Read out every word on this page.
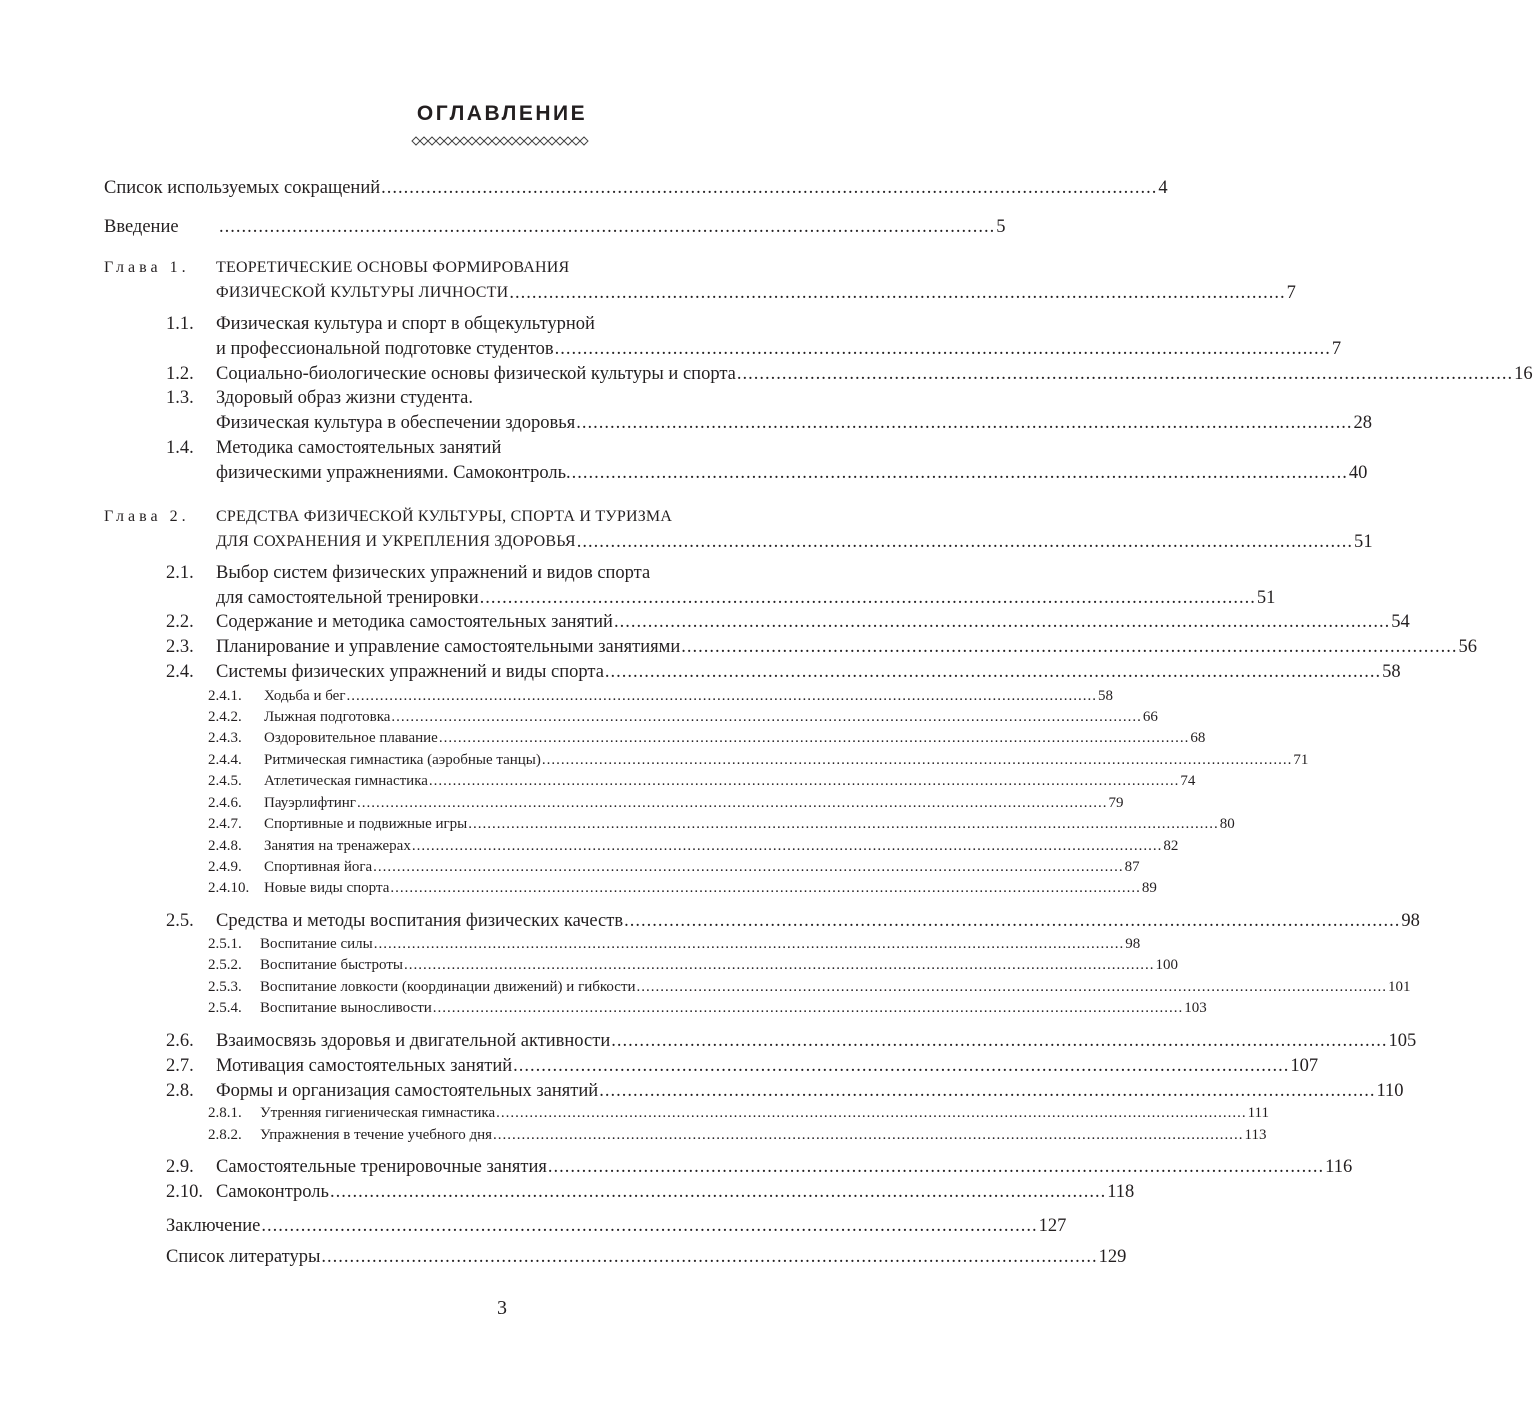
ОГЛАВЛЕНИЕ
Список используемых сокращений .......................................................................................................................................... 4
Введение .......................................................................................................................................... 5
Глава 1. ТЕОРЕТИЧЕСКИЕ ОСНОВЫ ФОРМИРОВАНИЯ
ФИЗИЧЕСКОЙ КУЛЬТУРЫ ЛИЧНОСТИ .......................................................................................................................................... 7
1.1. Физическая культура и спорт в общекультурной
и профессиональной подготовке студентов .......................................................................................................................................... 7
1.2. Социально-биологические основы физической культуры и спорта .......................................................................................................................................... 16
1.3. Здоровый образ жизни студента.
Физическая культура в обеспечении здоровья .......................................................................................................................................... 28
1.4. Методика самостоятельных занятий
физическими упражнениями. Самоконтроль. .......................................................................................................................................... 40
Глава 2. СРЕДСТВА ФИЗИЧЕСКОЙ КУЛЬТУРЫ, СПОРТА И ТУРИЗМА
ДЛЯ СОХРАНЕНИЯ И УКРЕПЛЕНИЯ ЗДОРОВЬЯ .......................................................................................................................................... 51
2.1. Выбор систем физических упражнений и видов спорта
для самостоятельной тренировки .......................................................................................................................................... 51
2.2. Содержание и методика самостоятельных занятий .......................................................................................................................................... 54
2.3. Планирование и управление самостоятельными занятиями .......................................................................................................................................... 56
2.4. Системы физических упражнений и виды спорта .......................................................................................................................................... 58
2.4.1. Ходьба и бег .............................................................................................................................................................. 58
2.4.2. Лыжная подготовка .............................................................................................................................................................. 66
2.4.3. Оздоровительное плавание .............................................................................................................................................................. 68
2.4.4. Ритмическая гимнастика (аэробные танцы) .............................................................................................................................................................. 71
2.4.5. Атлетическая гимнастика .............................................................................................................................................................. 74
2.4.6. Пауэрлифтинг .............................................................................................................................................................. 79
2.4.7. Спортивные и подвижные игры .............................................................................................................................................................. 80
2.4.8. Занятия на тренажерах .............................................................................................................................................................. 82
2.4.9. Спортивная йога .............................................................................................................................................................. 87
2.4.10. Новые виды спорта .............................................................................................................................................................. 89
2.5. Средства и методы воспитания физических качеств .......................................................................................................................................... 98
2.5.1. Воспитание силы .............................................................................................................................................................. 98
2.5.2. Воспитание быстроты .............................................................................................................................................................. 100
2.5.3. Воспитание ловкости (координации движений) и гибкости .............................................................................................................................................................. 101
2.5.4. Воспитание выносливости .............................................................................................................................................................. 103
2.6. Взаимосвязь здоровья и двигательной активности .......................................................................................................................................... 105
2.7. Мотивация самостоятельных занятий .......................................................................................................................................... 107
2.8. Формы и организация самостоятельных занятий .......................................................................................................................................... 110
2.8.1. Утренняя гигиеническая гимнастика .............................................................................................................................................................. 111
2.8.2. Упражнения в течение учебного дня .............................................................................................................................................................. 113
2.9. Самостоятельные тренировочные занятия .......................................................................................................................................... 116
2.10. Самоконтроль .......................................................................................................................................... 118
Заключение .......................................................................................................................................... 127
Список литературы .......................................................................................................................................... 129
3
